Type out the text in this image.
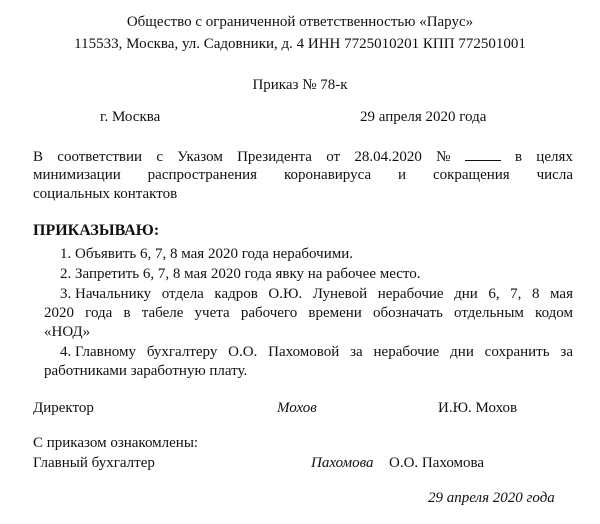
Общество с ограниченной ответственностью «Парус»
115533, Москва, ул. Садовники, д. 4 ИНН 7725010201 КПП 772501001
Приказ № 78-к
г. Москва	29 апреля 2020 года
В соответствии с Указом Президента от 28.04.2020 №	в целях
минимизации распространения коронавируса и сокращения числа
социальных контактов
ПРИКАЗЫВАЮ:
1. Объявить 6, 7, 8 мая 2020 года нерабочими.
2. Запретить 6, 7, 8 мая 2020 года явку на рабочее место.
3. Начальнику отдела кадров О.Ю. Луневой нерабочие дни 6, 7, 8 мая
2020 года в табеле учета рабочего времени обозначать отдельным кодом
«НОД»
4. Главному бухгалтеру О.О. Пахомовой за нерабочие дни сохранить за
работниками заработную плату.
Директор	Мохов	И.Ю. Мохов
С приказом ознакомлены:
Главный бухгалтер	Пахомова О.О. Пахомова
29 апреля 2020 года
